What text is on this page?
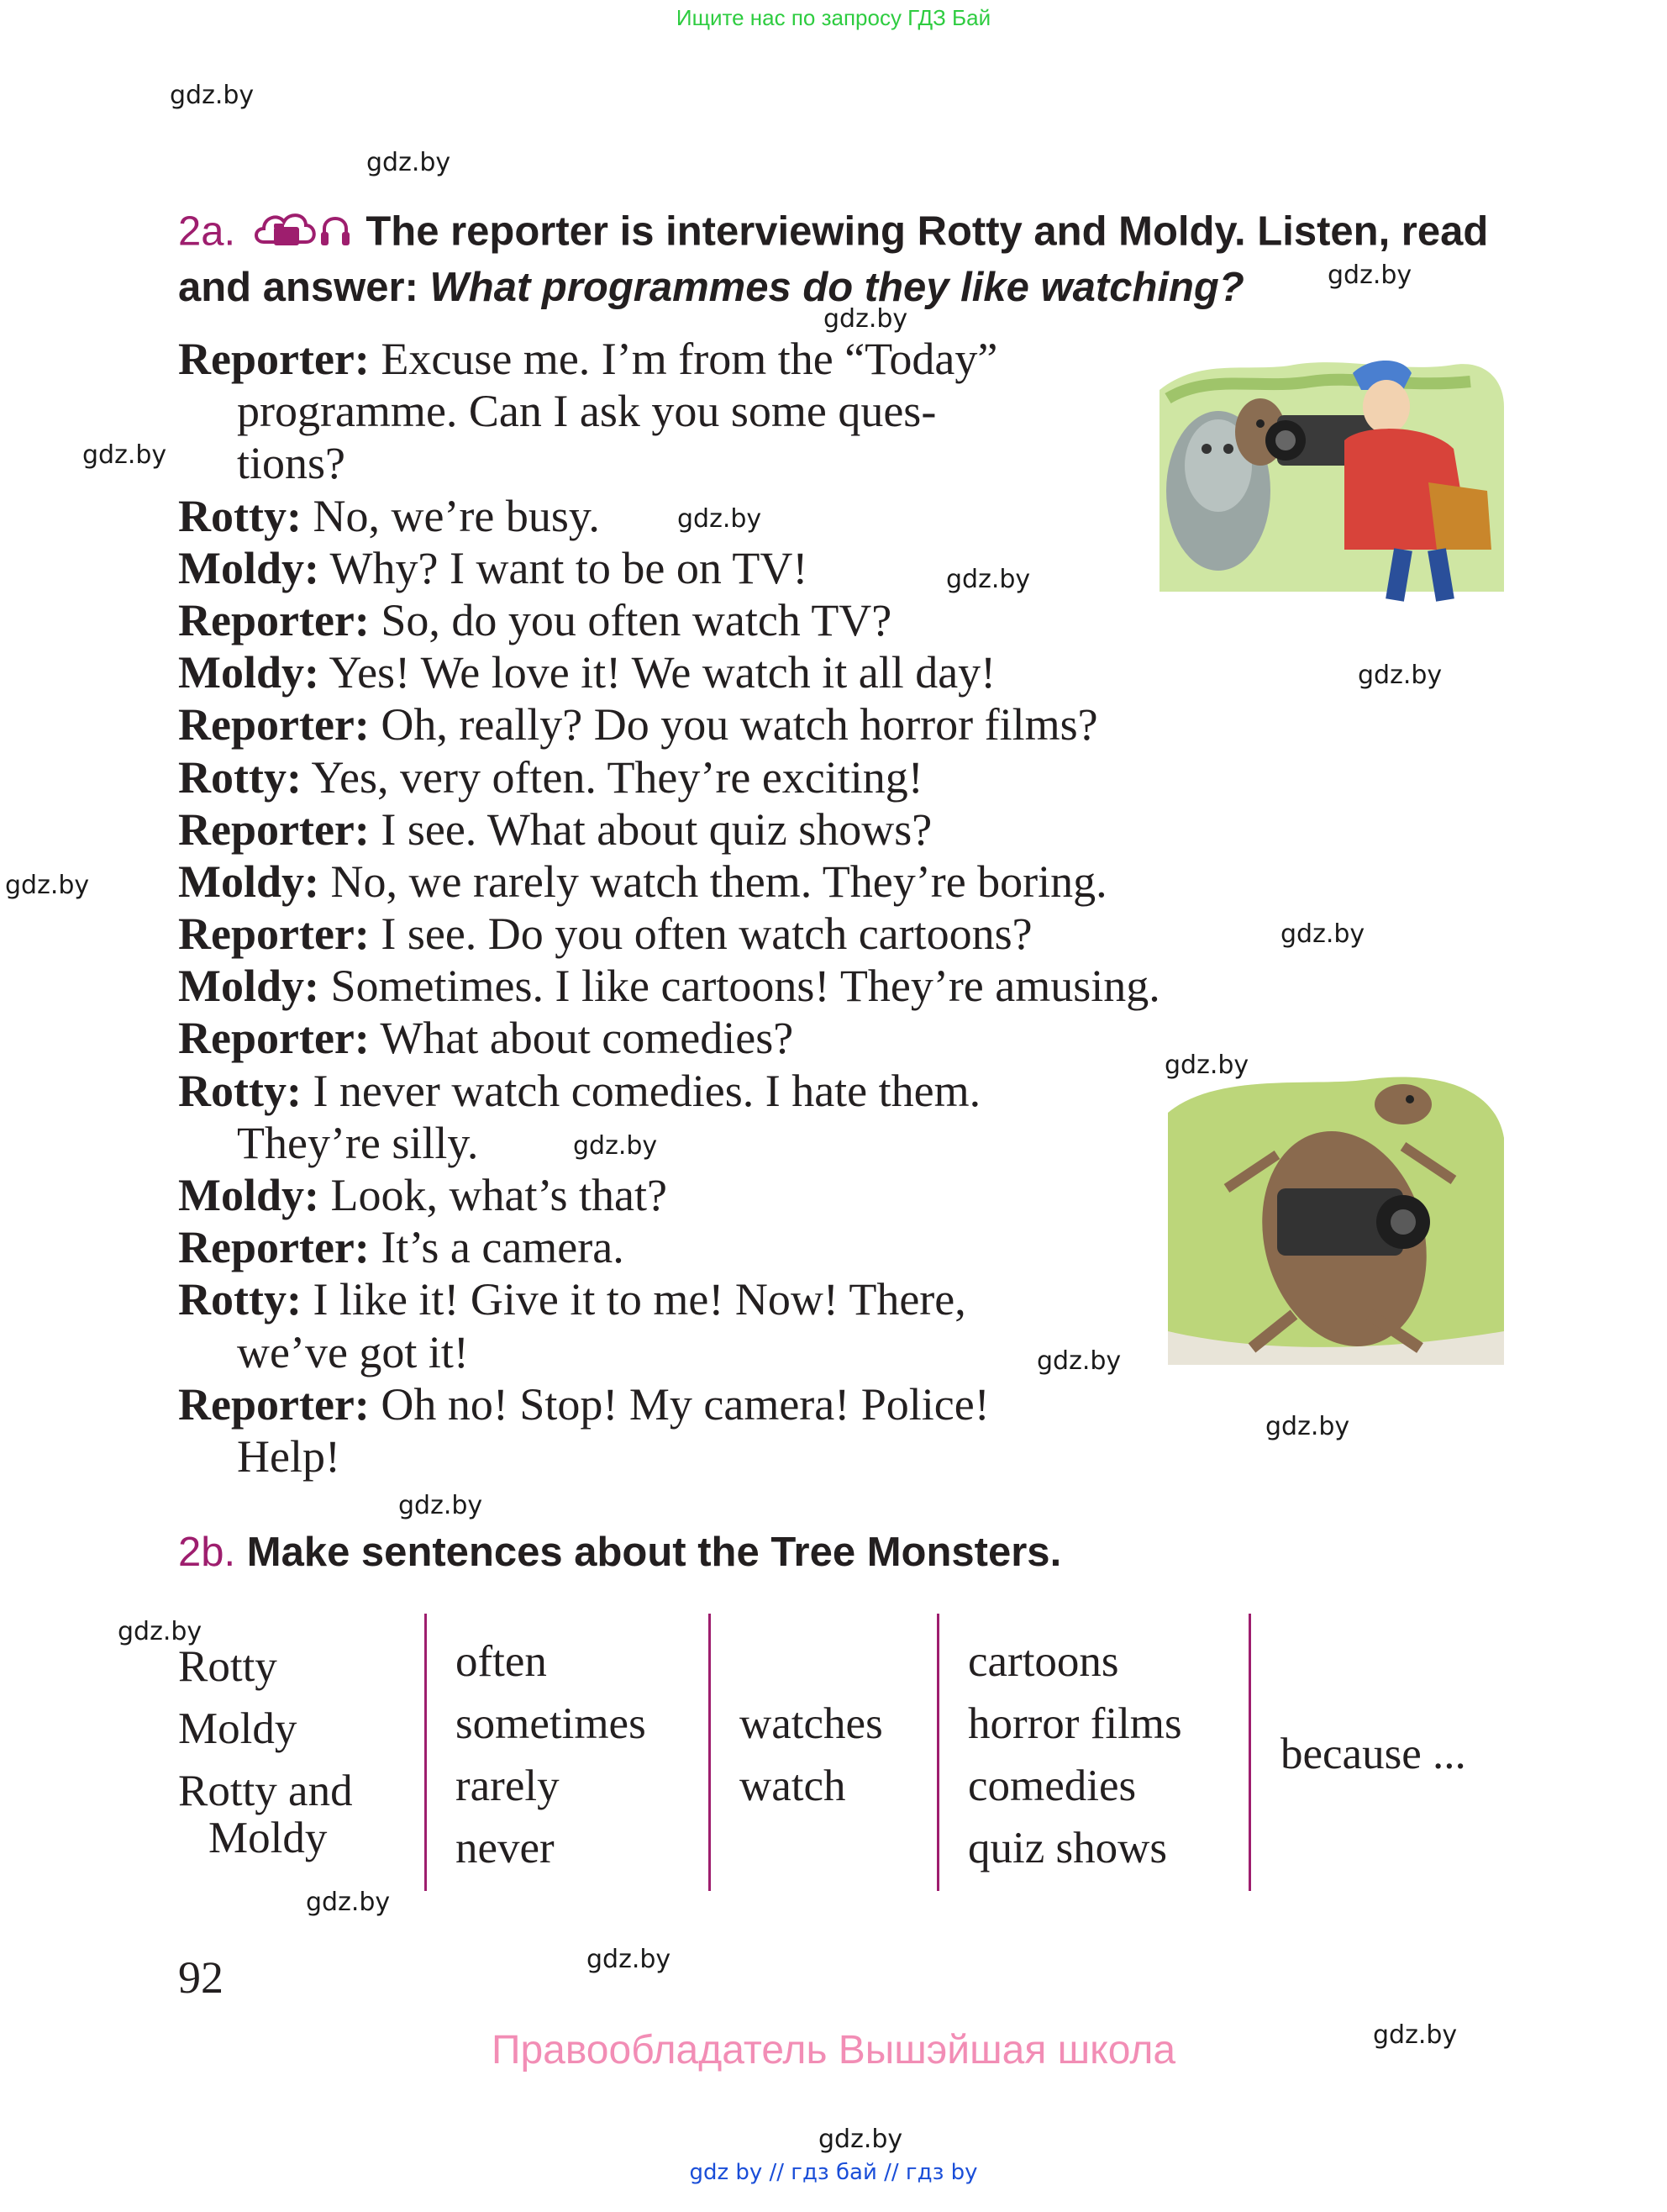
Ищите нас по запросу ГДЗ Бай
gdz.by
gdz.by
gdz.by
gdz.by
gdz.by
gdz.by
gdz.by
gdz.by
gdz.by
gdz.by
gdz.by
gdz.by
gdz.by
gdz.by
gdz.by
gdz.by
gdz.by
gdz.by
gdz.by
gdz.by
2a.	The reporter is interviewing Rotty and Moldy. Listen, read
and answer: What programmes do they like watching?
Reporter: Excuse me. I’m from the “Today”
programme. Can I ask you some ques-
tions?
Rotty: No, we’re busy.
Moldy: Why? I want to be on TV!
Reporter: So, do you often watch TV?
Moldy: Yes! We love it! We watch it all day!
Reporter: Oh, really? Do you watch horror films?
Rotty: Yes, very often. They’re exciting!
Reporter: I see. What about quiz shows?
Moldy: No, we rarely watch them. They’re boring.
Reporter: I see. Do you often watch cartoons?
Moldy: Sometimes. I like cartoons! They’re amusing.
Reporter: What about comedies?
Rotty: I never watch comedies. I hate them.
They’re silly.
Moldy: Look, what’s that?
Reporter: It’s a camera.
Rotty: I like it! Give it to me! Now! There,
we’ve got it!
Reporter: Oh no! Stop! My camera! Police!
Help!
2b. Make sentences about the Tree Monsters.
Rotty
Moldy
Rotty and
Moldy
often
sometimes
rarely
never
watches
watch
cartoons
horror films
comedies
quiz shows
because ...
92
Правообладатель Вышэйшая школа
gdz by // гдз бай // гдз by
